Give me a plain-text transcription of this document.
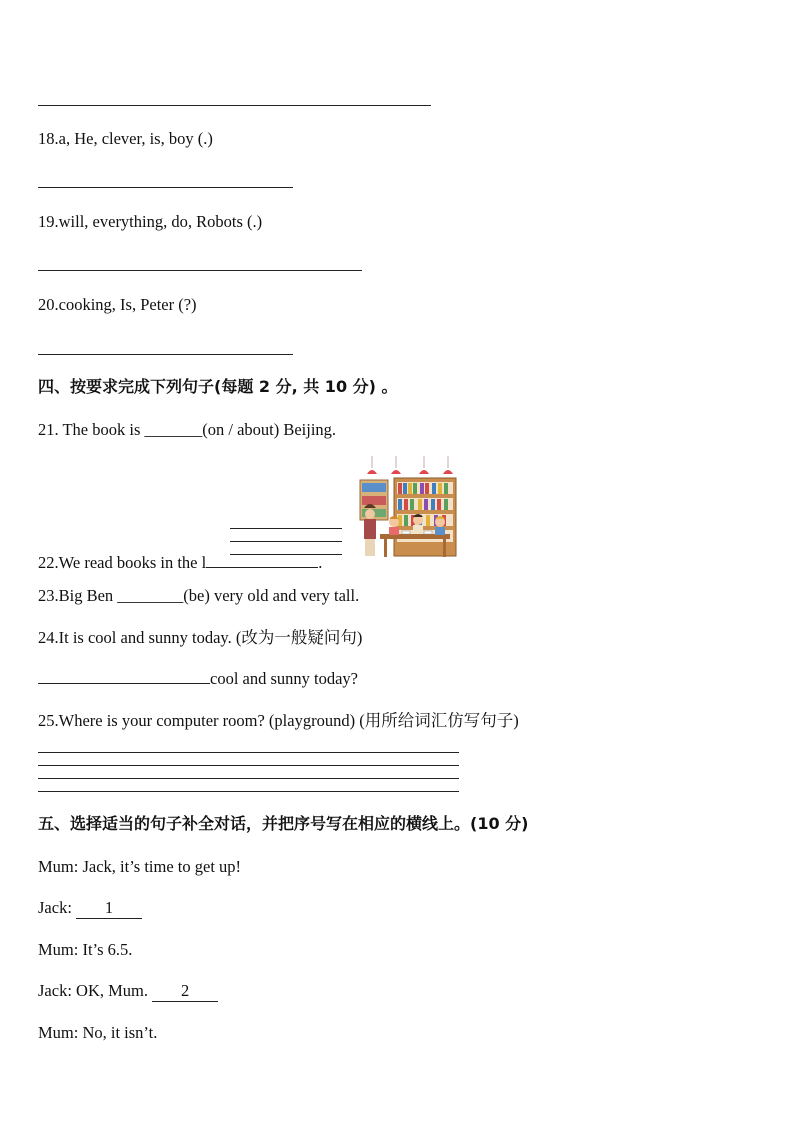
18.a, He, clever, is, boy (.)
19.will, everything, do, Robots (.)
20.cooking, Is, Peter (?)
四、按要求完成下列句子(每题 2 分, 共 10 分) 。
21. The book is _______(on / about) Beijing.
22.We read books in the l	.
23.Big Ben ________(be) very old and very tall.
24.It is cool and sunny today. (改为一般疑问句)
cool and sunny today?
25.Where is your computer room? (playground) (用所给词汇仿写句子)
五、选择适当的句子补全对话，并把序号写在相应的横线上。(10 分)
Mum: Jack, it’s time to get up!
Jack: 1
Mum: It’s 6.5.
Jack: OK, Mum. 2
Mum: No, it isn’t.
